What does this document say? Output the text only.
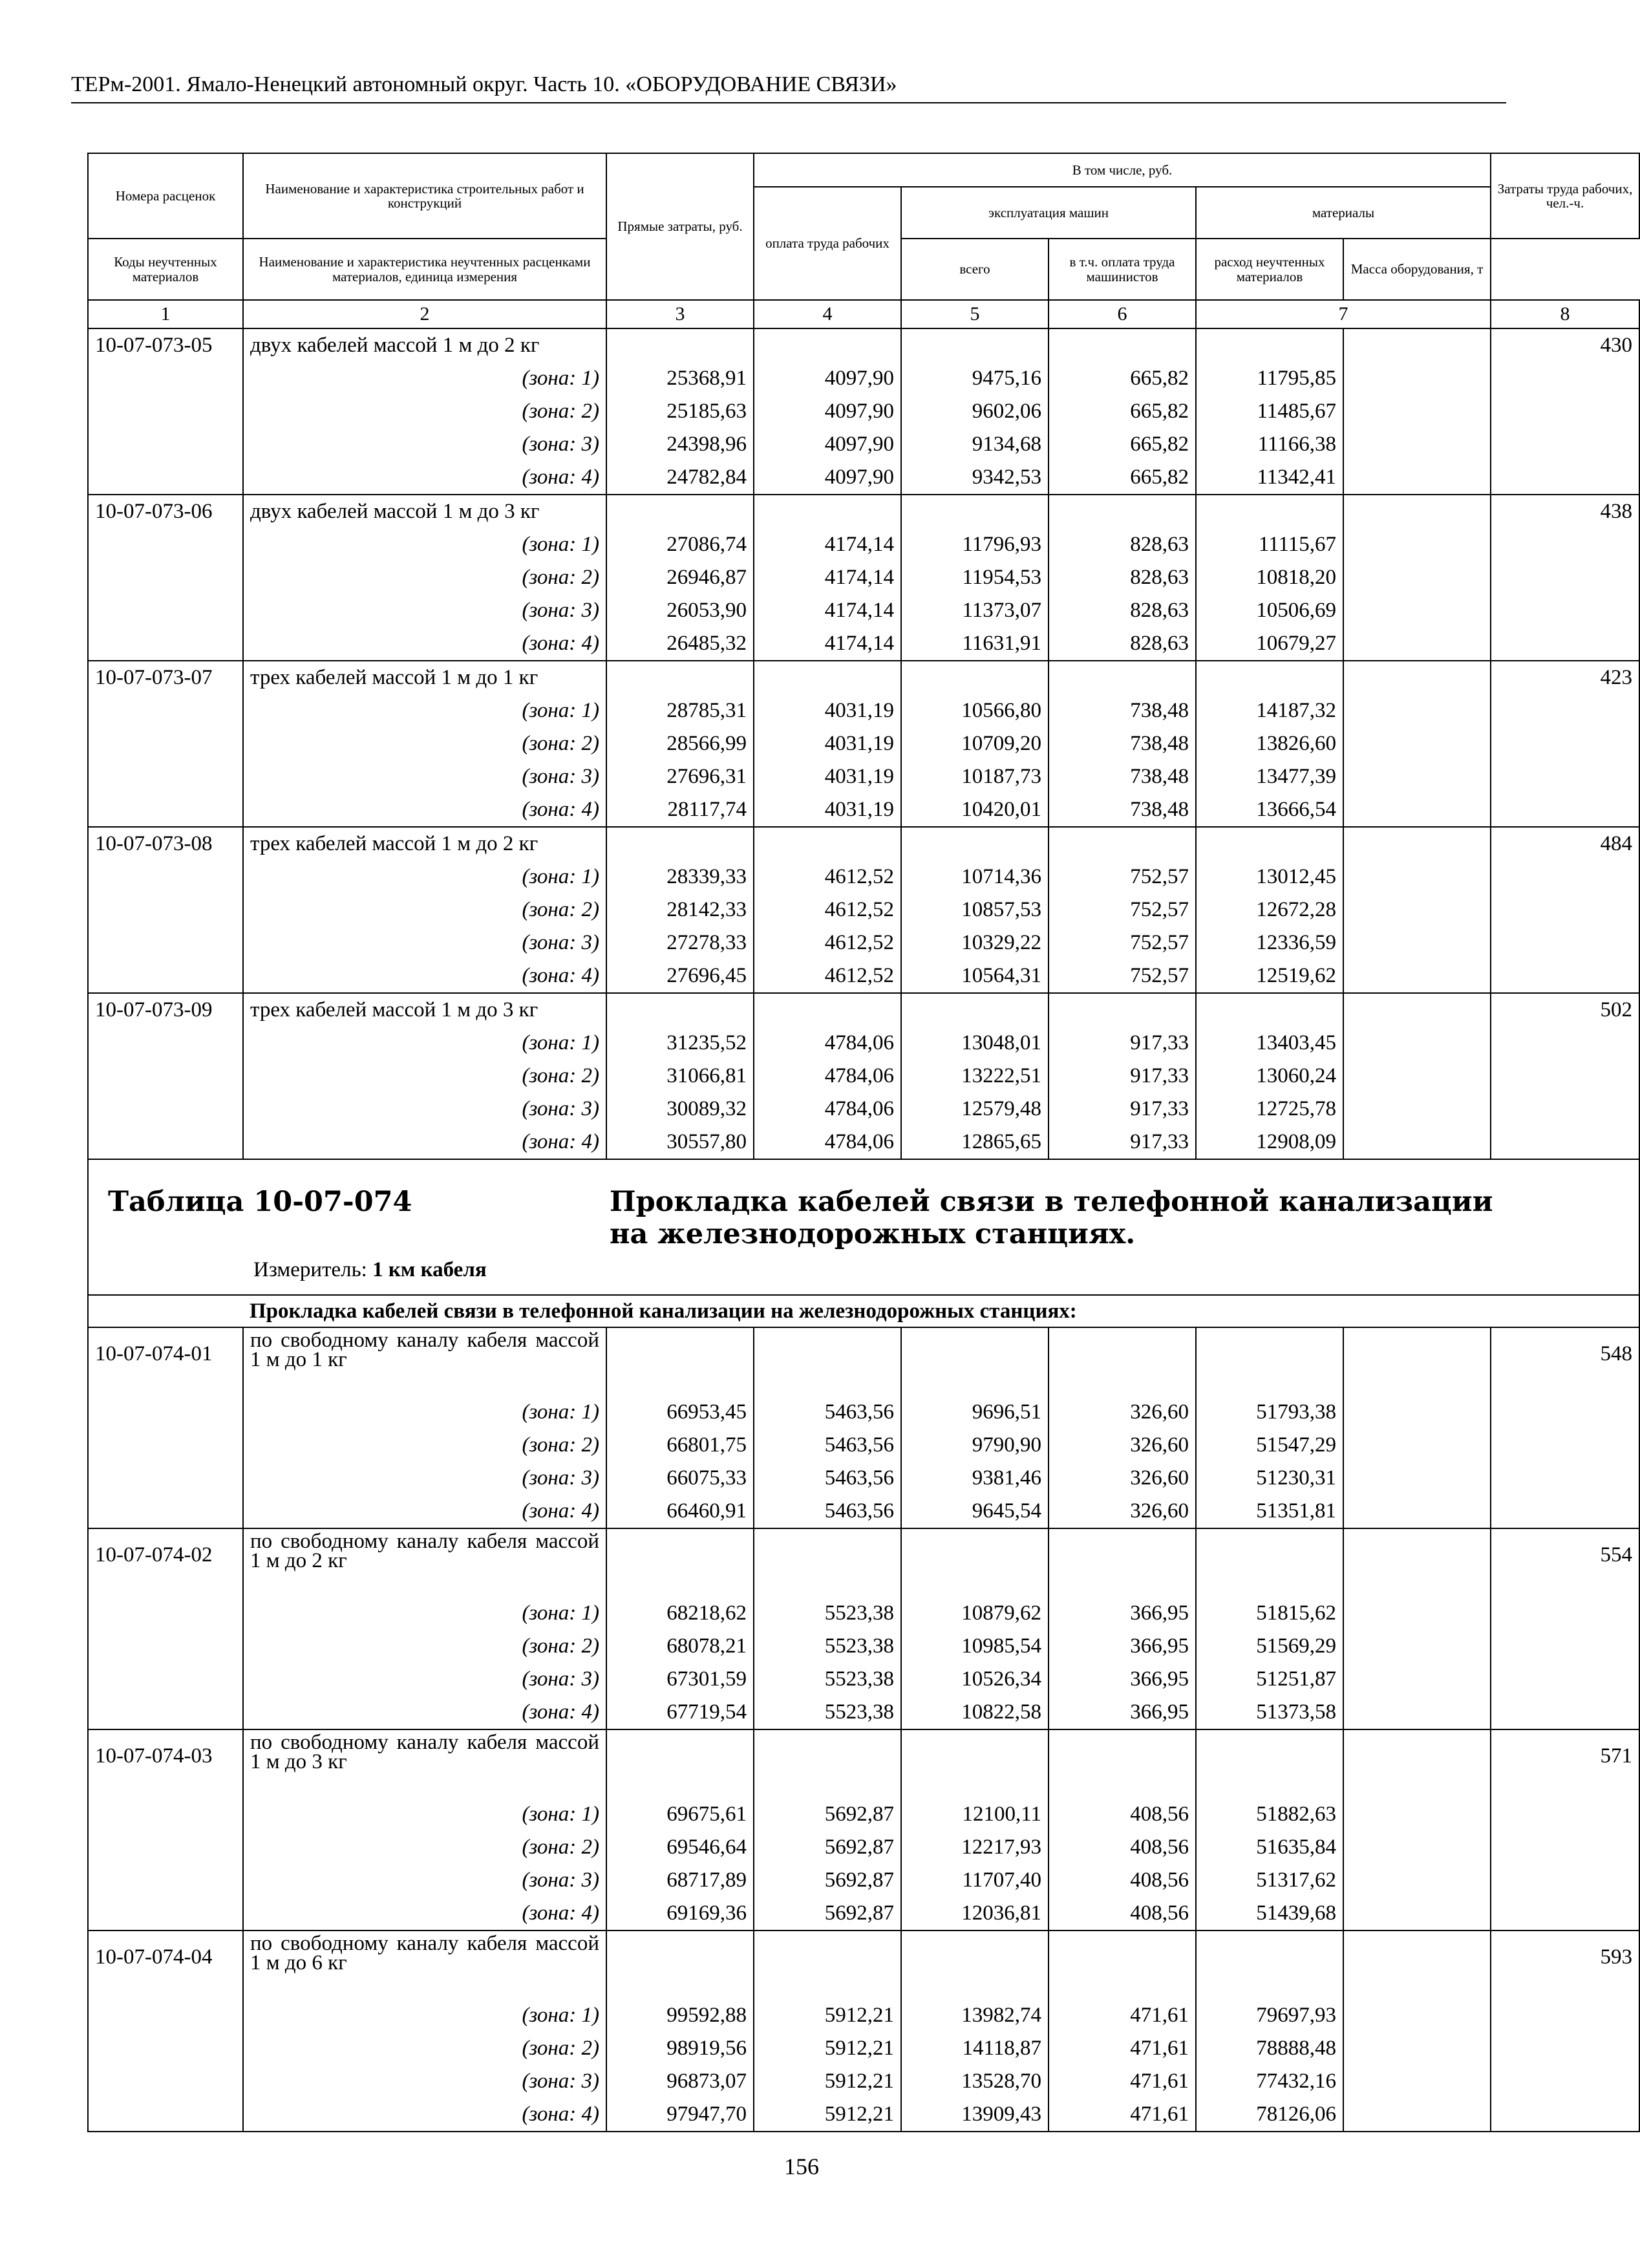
ТЕРм-2001. Ямало-Ненецкий автономный округ. Часть 10. «ОБОРУДОВАНИЕ СВЯЗИ»
Номера расценок	Наименование и характеристика строительных работ и конструкций	Прямые затраты, руб.	В том числе, руб.					Затраты труда рабочих, чел.-ч.
			оплата труда рабочих	эксплуатация машин		материалы		
Коды неучтенных материалов	Наименование и характеристика неучтенных расценками материалов, единица измерения			всего	в т.ч. оплата труда машинистов	расход неучтенных материалов	Масса оборудования, т	
1	2	3	4	5	6	7		8
10-07-073-05	двух кабелей массой 1 м до 2 кг							430
	(зона: 1)	25368,91	4097,90	9475,16	665,82	11795,85		
	(зона: 2)	25185,63	4097,90	9602,06	665,82	11485,67		
	(зона: 3)	24398,96	4097,90	9134,68	665,82	11166,38		
	(зона: 4)	24782,84	4097,90	9342,53	665,82	11342,41		
10-07-073-06	двух кабелей массой 1 м до 3 кг							438
	(зона: 1)	27086,74	4174,14	11796,93	828,63	11115,67		
	(зона: 2)	26946,87	4174,14	11954,53	828,63	10818,20		
	(зона: 3)	26053,90	4174,14	11373,07	828,63	10506,69		
	(зона: 4)	26485,32	4174,14	11631,91	828,63	10679,27		
10-07-073-07	трех кабелей массой 1 м до 1 кг							423
	(зона: 1)	28785,31	4031,19	10566,80	738,48	14187,32		
	(зона: 2)	28566,99	4031,19	10709,20	738,48	13826,60		
	(зона: 3)	27696,31	4031,19	10187,73	738,48	13477,39		
	(зона: 4)	28117,74	4031,19	10420,01	738,48	13666,54		
10-07-073-08	трех кабелей массой 1 м до 2 кг							484
	(зона: 1)	28339,33	4612,52	10714,36	752,57	13012,45		
	(зона: 2)	28142,33	4612,52	10857,53	752,57	12672,28		
	(зона: 3)	27278,33	4612,52	10329,22	752,57	12336,59		
	(зона: 4)	27696,45	4612,52	10564,31	752,57	12519,62		
10-07-073-09	трех кабелей массой 1 м до 3 кг							502
	(зона: 1)	31235,52	4784,06	13048,01	917,33	13403,45		
	(зона: 2)	31066,81	4784,06	13222,51	917,33	13060,24		
	(зона: 3)	30089,32	4784,06	12579,48	917,33	12725,78		
	(зона: 4)	30557,80	4784,06	12865,65	917,33	12908,09		

Таблица 10-07-074 Прокладка кабелей связи в телефонной канализации
на железнодорожных станциях.
Измеритель: 1 км кабеля								

	Прокладка кабелей связи в телефонной канализации на железнодорожных станциях:							
10-07-074-01	по свободному каналу кабеля массой 1 м до 1 кг							548
	(зона: 1)	66953,45	5463,56	9696,51	326,60	51793,38		
	(зона: 2)	66801,75	5463,56	9790,90	326,60	51547,29		
	(зона: 3)	66075,33	5463,56	9381,46	326,60	51230,31		
	(зона: 4)	66460,91	5463,56	9645,54	326,60	51351,81		
10-07-074-02	по свободному каналу кабеля массой 1 м до 2 кг							554
	(зона: 1)	68218,62	5523,38	10879,62	366,95	51815,62		
	(зона: 2)	68078,21	5523,38	10985,54	366,95	51569,29		
	(зона: 3)	67301,59	5523,38	10526,34	366,95	51251,87		
	(зона: 4)	67719,54	5523,38	10822,58	366,95	51373,58		
10-07-074-03	по свободному каналу кабеля массой 1 м до 3 кг							571
	(зона: 1)	69675,61	5692,87	12100,11	408,56	51882,63		
	(зона: 2)	69546,64	5692,87	12217,93	408,56	51635,84		
	(зона: 3)	68717,89	5692,87	11707,40	408,56	51317,62		
	(зона: 4)	69169,36	5692,87	12036,81	408,56	51439,68		
10-07-074-04	по свободному каналу кабеля массой 1 м до 6 кг							593
	(зона: 1)	99592,88	5912,21	13982,74	471,61	79697,93		
	(зона: 2)	98919,56	5912,21	14118,87	471,61	78888,48		
	(зона: 3)	96873,07	5912,21	13528,70	471,61	77432,16		
	(зона: 4)	97947,70	5912,21	13909,43	471,61	78126,06		
156
